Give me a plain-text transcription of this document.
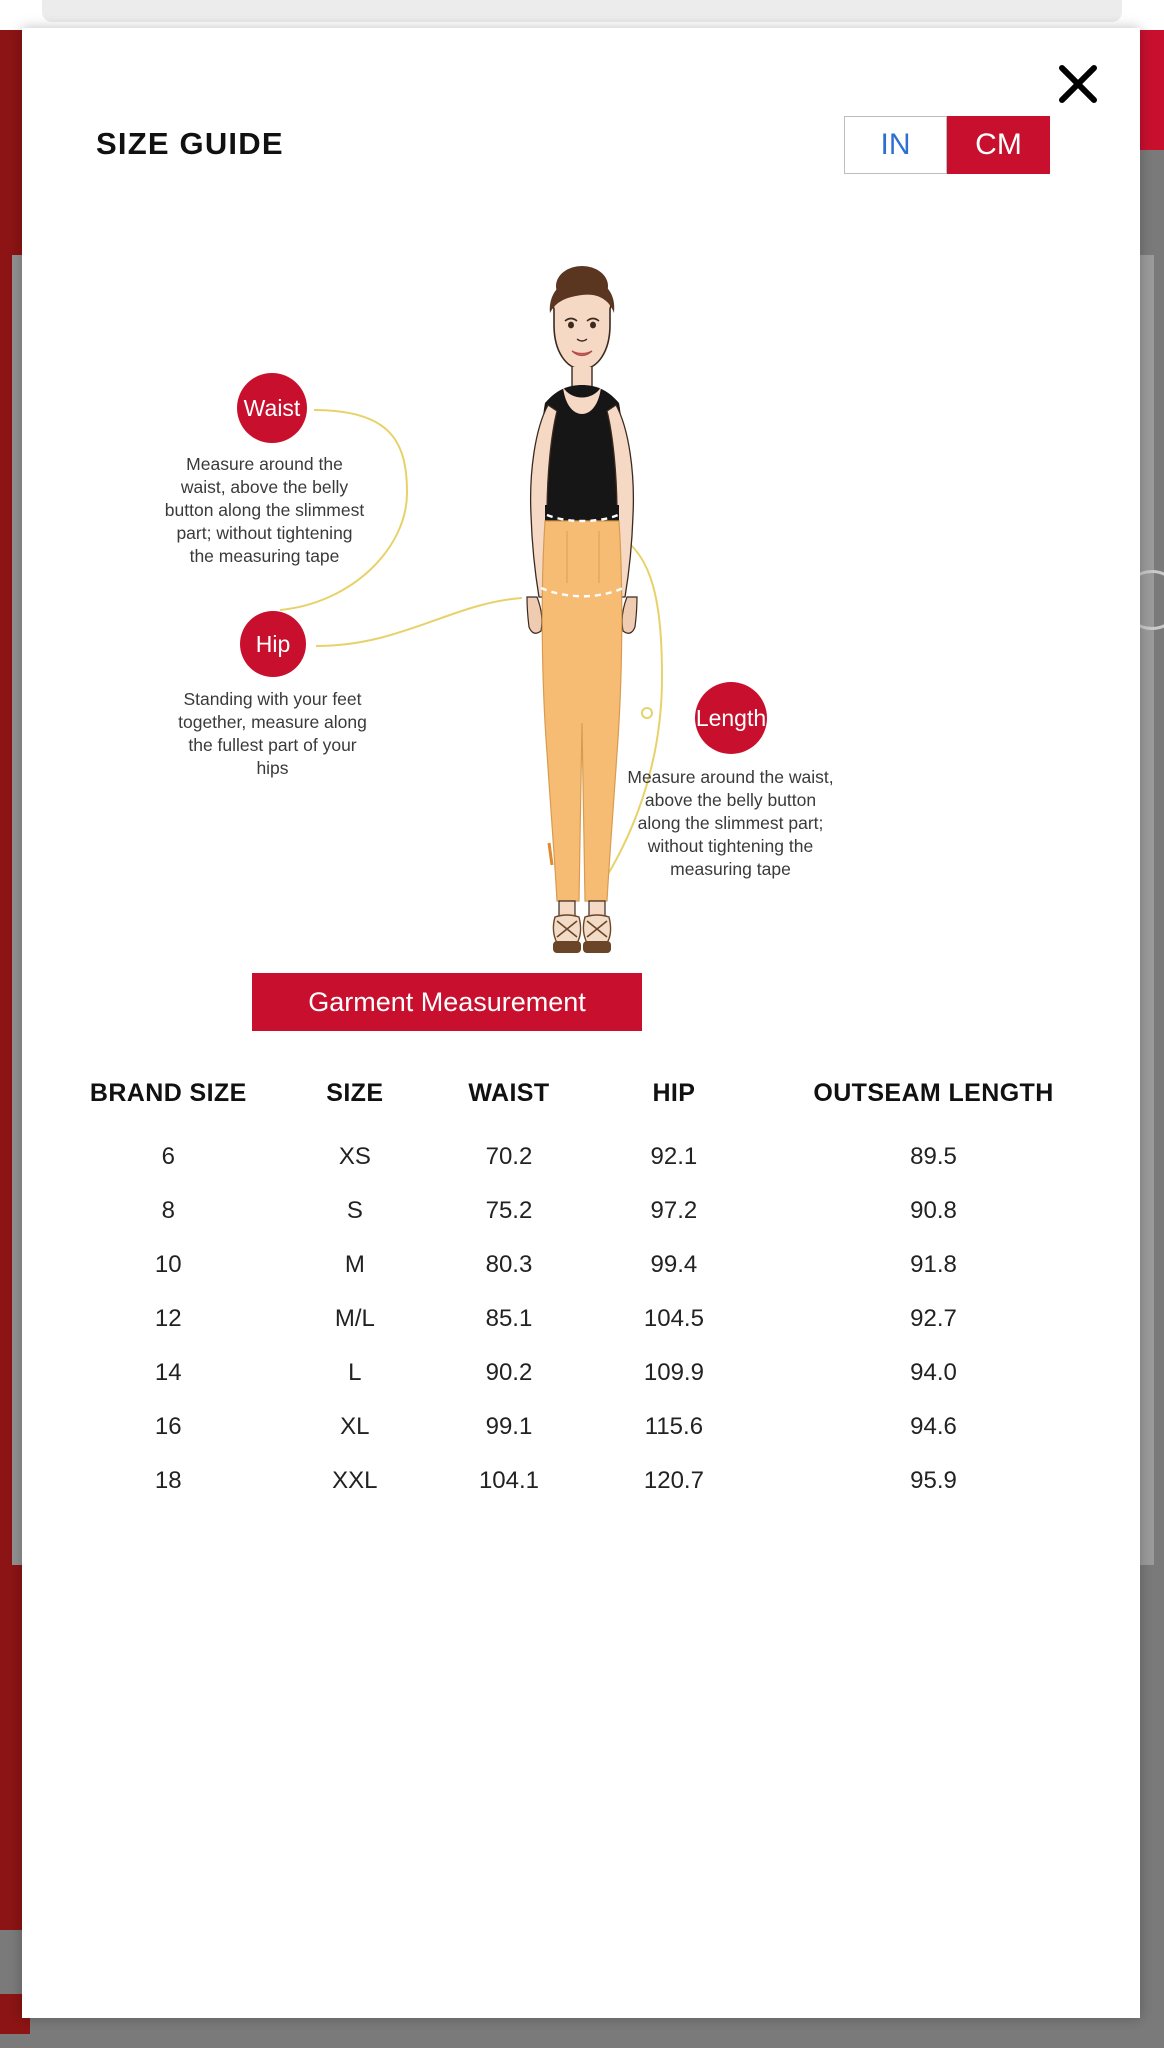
SIZE GUIDE	IN	CM
Waist
Measure around the waist, above the belly button along the slimmest part; without tightening the measuring tape
Hip
Standing with your feet together, measure along the fullest part of your hips
Length
Measure around the waist, above the belly button along the slimmest part; without tightening the measuring tape
Garment Measurement
BRAND SIZE	SIZE	WAIST	HIP	OUTSEAM LENGTH
6	XS	70.2	92.1	89.5
8	S	75.2	97.2	90.8
10	M	80.3	99.4	91.8
12	M/L	85.1	104.5	92.7
14	L	90.2	109.9	94.0
16	XL	99.1	115.6	94.6
18	XXL	104.1	120.7	95.9
